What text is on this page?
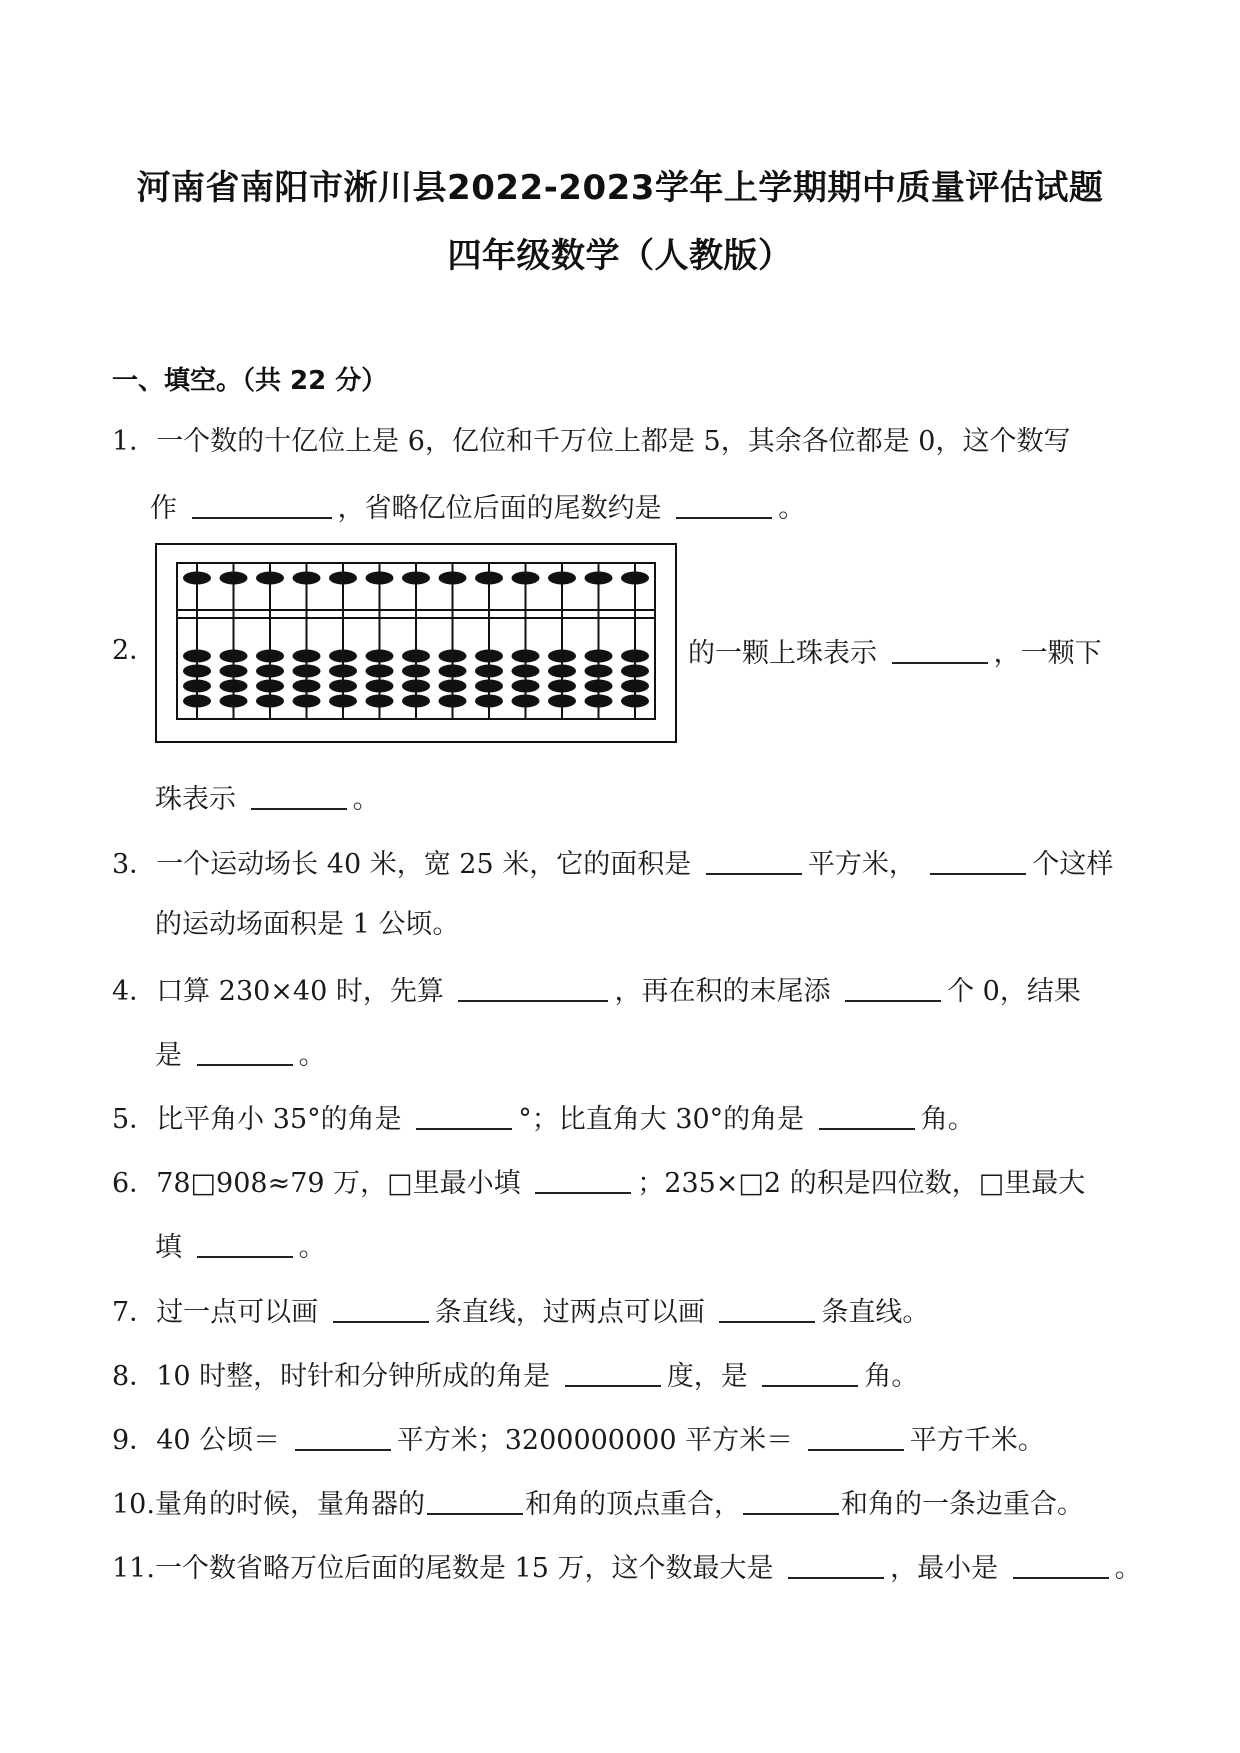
河南省南阳市淅川县2022-2023学年上学期期中质量评估试题
四年级数学（人教版）
一、填空。（共 22 分）
1．一个数的十亿位上是 6，亿位和千万位上都是 5，其余各位都是 0，这个数写
作	，省略亿位后面的尾数约是	。
2．	的一颗上珠表示	，一颗下
珠表示	。
3．一个运动场长 40 米，宽 25 米，它的面积是	平方米，	个这样
的运动场面积是 1 公顷。
4．口算 230×40 时，先算	，再在积的末尾添	个 0，结果
是	。
5．比平角小 35°的角是	°；比直角大 30°的角是	角。
6．78□908≈79 万，□里最小填	；235×□2 的积是四位数，□里最大
填	。
7．过一点可以画	条直线，过两点可以画	条直线。
8．10 时整，时针和分钟所成的角是	度，是	角。
9．40 公顷＝	平方米；3200000000 平方米＝	平方千米。
10.量角的时候，量角器的	和角的顶点重合，	和角的一条边重合。
11.一个数省略万位后面的尾数是 15 万，这个数最大是	，最小是	。
